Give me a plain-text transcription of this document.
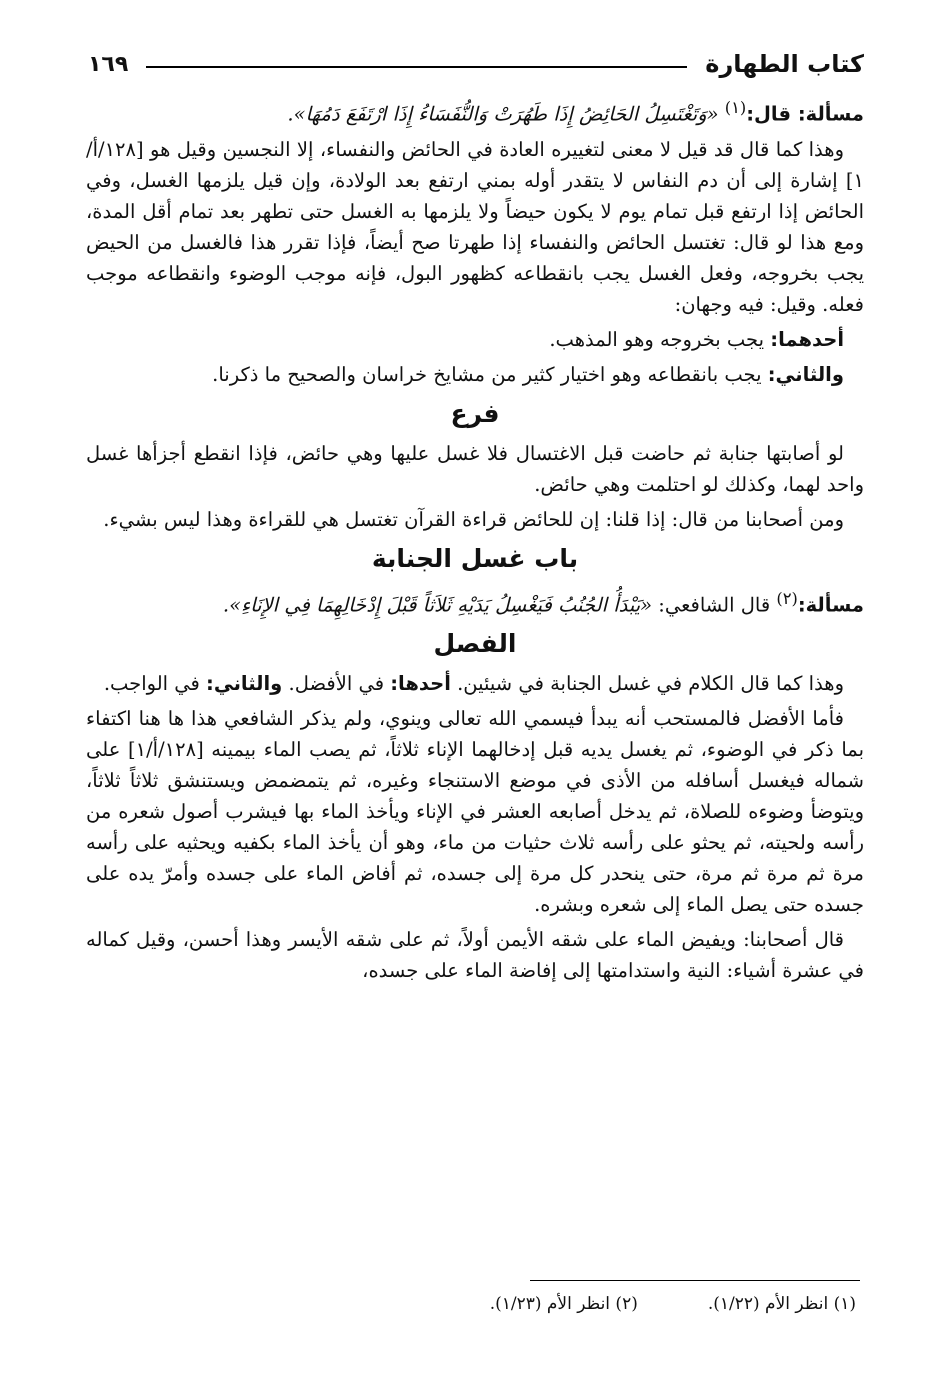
كتاب الطهارة
١٦٩

مسألة: قال:$^{(١)}$ «وَتَغْتَسِلُ الحَائِضُ إِذَا طَهُرَتْ وَالنُّفَسَاءُ إِذَا ارْتَفَعَ دَمُهَا».

وهذا كما قال قد قيل لا معنى لتغييره العادة في الحائض والنفساء، إلا النجسين وقيل هو [١٢٨/أ/١] إشارة إلى أن دم النفاس لا يتقدر أوله بمني ارتفع بعد الولادة، وإن قيل يلزمها الغسل، وفي الحائض إذا ارتفع قبل تمام يوم لا يكون حيضاً ولا يلزمها به الغسل حتى تطهر بعد تمام أقل المدة، ومع هذا لو قال: تغتسل الحائض والنفساء إذا طهرتا صح أيضاً، فإذا تقرر هذا فالغسل من الحيض يجب بخروجه، وفعل الغسل يجب بانقطاعه كظهور البول، فإنه موجب الوضوء وانقطاعه موجب فعله. وقيل: فيه وجهان:

أحدهما: يجب بخروجه وهو المذهب.

والثاني: يجب بانقطاعه وهو اختيار كثير من مشايخ خراسان والصحيح ما ذكرنا.

فرع

لو أصابتها جنابة ثم حاضت قبل الاغتسال فلا غسل عليها وهي حائض، فإذا انقطع أجزأها غسل واحد لهما، وكذلك لو احتلمت وهي حائض.

ومن أصحابنا من قال: إذا قلنا: إن للحائض قراءة القرآن تغتسل هي للقراءة وهذا ليس بشيء.

باب غسل الجنابة

مسألة:$^{(٢)}$ قال الشافعي: «يَبْدَأُ الجُنُبُ فَيَغْسِلُ يَدَيْهِ ثَلاَثاً قَبْلَ إِدْخَالِهِمَا فِي الإِنَاءِ».

الفصل

وهذا كما قال الكلام في غسل الجنابة في شيئين. أحدها: في الأفضل. والثاني: في الواجب.

فأما الأفضل فالمستحب أنه يبدأ فيسمي الله تعالى وينوي، ولم يذكر الشافعي هذا ها هنا اكتفاء بما ذكر في الوضوء، ثم يغسل يديه قبل إدخالهما الإناء ثلاثاً، ثم يصب الماء بيمينه [١٢٨/أ/١] على شماله فيغسل أسافله من الأذى في موضع الاستنجاء وغيره، ثم يتمضمض ويستنشق ثلاثاً ثلاثاً، ويتوضأ وضوءه للصلاة، ثم يدخل أصابعه العشر في الإناء ويأخذ الماء بها فيشرب أصول شعره من رأسه ولحيته، ثم يحثو على رأسه ثلاث حثيات من ماء، وهو أن يأخذ الماء بكفيه ويحثيه على رأسه مرة ثم مرة ثم مرة، حتى ينحدر كل مرة إلى جسده، ثم أفاض الماء على جسده وأمرّ يده على جسده حتى يصل الماء إلى شعره وبشره.

قال أصحابنا: ويفيض الماء على شقه الأيمن أولاً، ثم على شقه الأيسر وهذا أحسن، وقيل كماله في عشرة أشياء: النية واستدامتها إلى إفاضة الماء على جسده،

(١) انظر الأم (١/٢٢).
(٢) انظر الأم (١/٢٣).
